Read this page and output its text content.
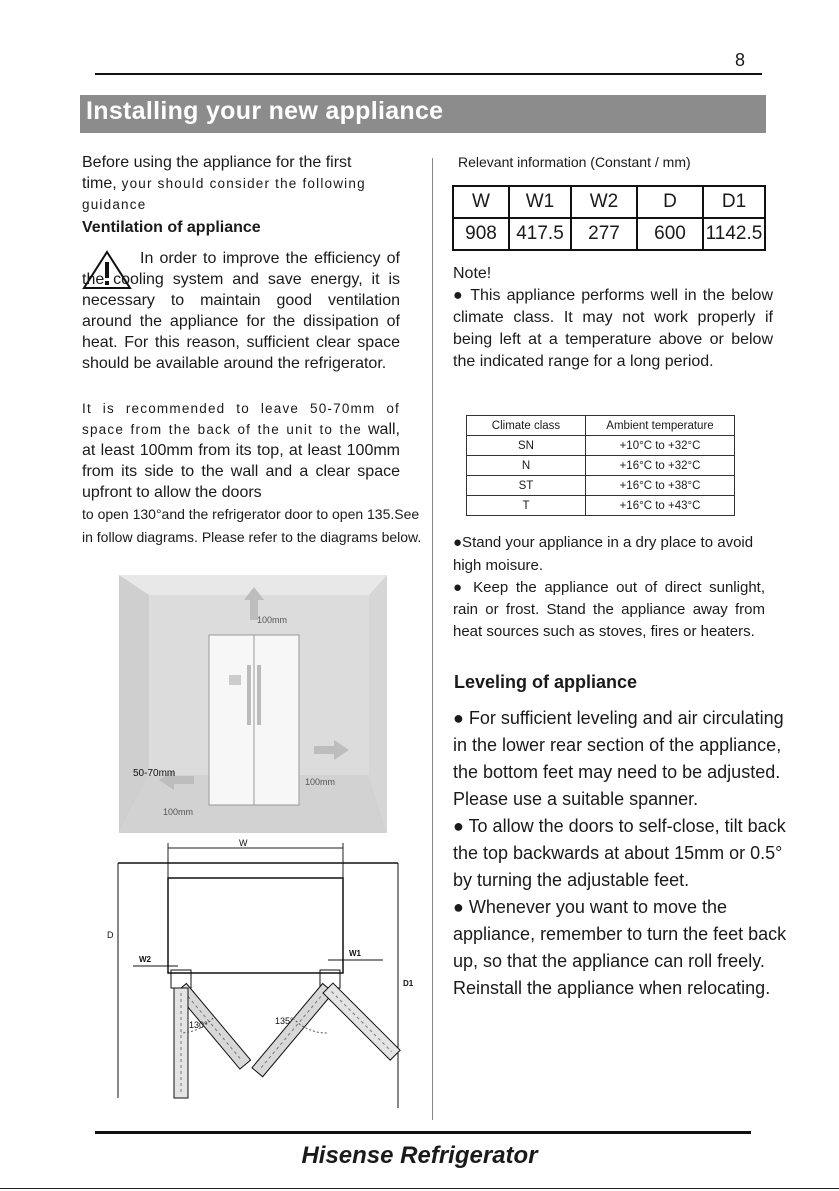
8
Installing your new appliance

Before using the appliance for the first
time, your should consider the following guidance

Ventilation of appliance

In order to improve the efficiency of the cooling system and save energy, it is necessary to maintain good ventilation around the appliance for the dissipation of heat. For this reason, sufficient clear space should be available around the refrigerator.

It is recommended to leave 50-70mm of space from the back of the unit to the wall, at least 100mm from its top, at least 100mm from its side to the wall and a clear space upfront to allow the doors

to open 130°and the refrigerator door to open 135.See in follow diagrams. Please refer to the diagrams below.

100mm
50-70mm
100mm
100mm
W
D
W2
W1
D1
130°	135°
Relevant information (Constant / mm)
W	W1	W2	D	D1
908	417.5	277	600	1142.5
Note!

● This appliance performs well in the below climate class. It may not work properly if being left at a temperature above or below the indicated range for a long period.

Climate class	Ambient temperature
SN	+10°C to +32°C
N	+16°C to +32°C
ST	+16°C to +38°C
T	+16°C to +43°C

●Stand your appliance in a dry place to avoid high moisure.

● Keep the appliance out of direct sunlight, rain or frost. Stand the appliance away from heat sources such as stoves, fires or heaters.

Leveling of appliance
● For sufficient leveling and air circulating in the lower rear section of the appliance, the bottom feet may need to be adjusted. Please use a suitable spanner.
● To allow the doors to self-close, tilt back the top backwards at about 15mm or 0.5° by turning the adjustable feet.
● Whenever you want to move the appliance, remember to turn the feet back up, so that the appliance can roll freely. Reinstall the appliance when relocating.
Hisense Refrigerator
